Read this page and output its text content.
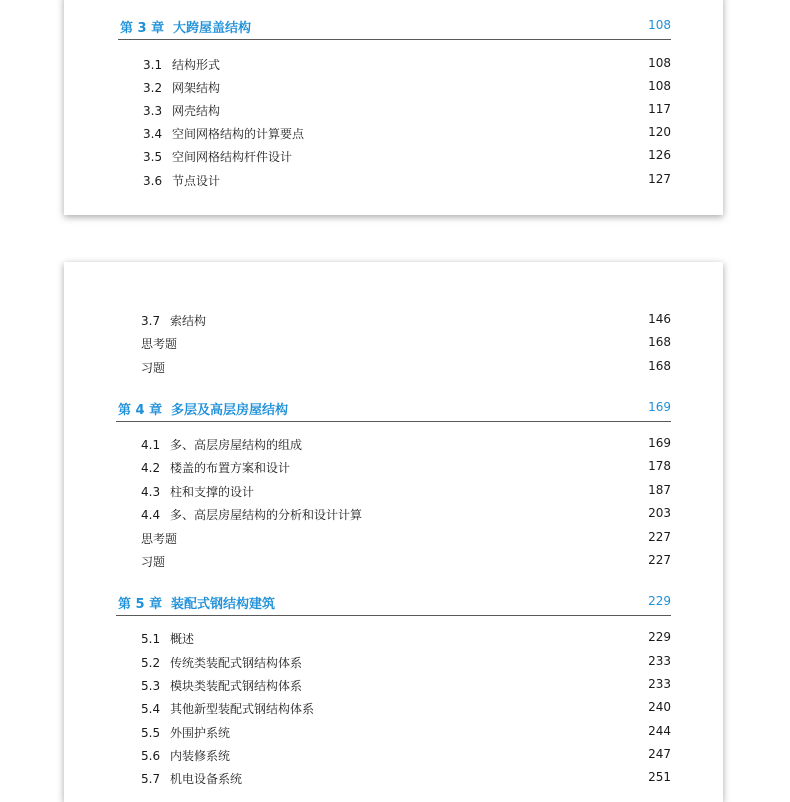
第 3 章 大跨屋盖结构	108
3.1 结构形式	108
3.2 网架结构	108
3.3 网壳结构	117
3.4 空间网格结构的计算要点	120
3.5 空间网格结构杆件设计	126
3.6 节点设计	127
3.7 索结构	146
思考题	168
习题	168
第 4 章 多层及高层房屋结构	169
4.1 多、高层房屋结构的组成	169
4.2 楼盖的布置方案和设计	178
4.3 柱和支撑的设计	187
4.4 多、高层房屋结构的分析和设计计算	203
思考题	227
习题	227
第 5 章 装配式钢结构建筑	229
5.1 概述	229
5.2 传统类装配式钢结构体系	233
5.3 模块类装配式钢结构体系	233
5.4 其他新型装配式钢结构体系	240
5.5 外围护系统	244
5.6 内装修系统	247
5.7 机电设备系统	251
